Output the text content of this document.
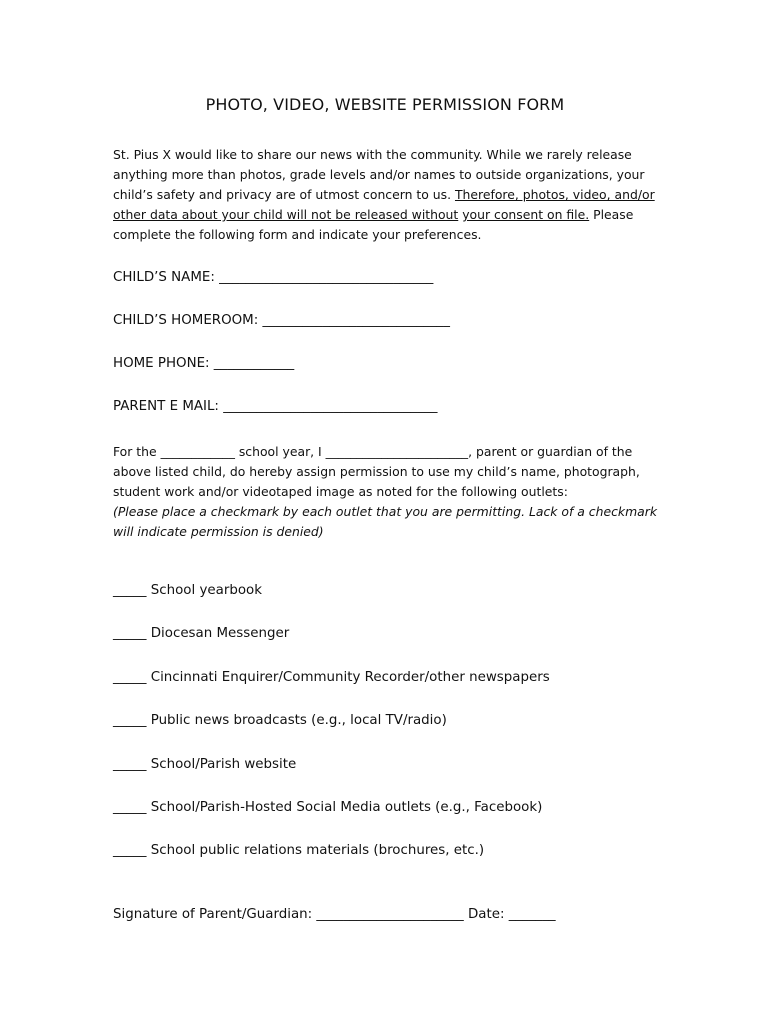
PHOTO, VIDEO, WEBSITE PERMISSION FORM
St. Pius X would like to share our news with the community. While we rarely release anything more than photos, grade levels and/or names to outside organizations, your child’s safety and privacy are of utmost concern to us. Therefore, photos, video, and/or other data about your child will not be released without your consent on file. Please complete the following form and indicate your preferences.
CHILD’S NAME: ________________________________
CHILD’S HOMEROOM: ____________________________
HOME PHONE: ____________
PARENT E MAIL: ________________________________
For the ____________ school year, I _______________________, parent or guardian of the above listed child, do hereby assign permission to use my child’s name, photograph, student work and/or videotaped image as noted for the following outlets:
(Please place a checkmark by each outlet that you are permitting. Lack of a checkmark will indicate permission is denied)
_____ School yearbook
_____ Diocesan Messenger
_____ Cincinnati Enquirer/Community Recorder/other newspapers
_____ Public news broadcasts (e.g., local TV/radio)
_____ School/Parish website
_____ School/Parish-Hosted Social Media outlets (e.g., Facebook)
_____ School public relations materials (brochures, etc.)
Signature of Parent/Guardian: ______________________ Date: _______
